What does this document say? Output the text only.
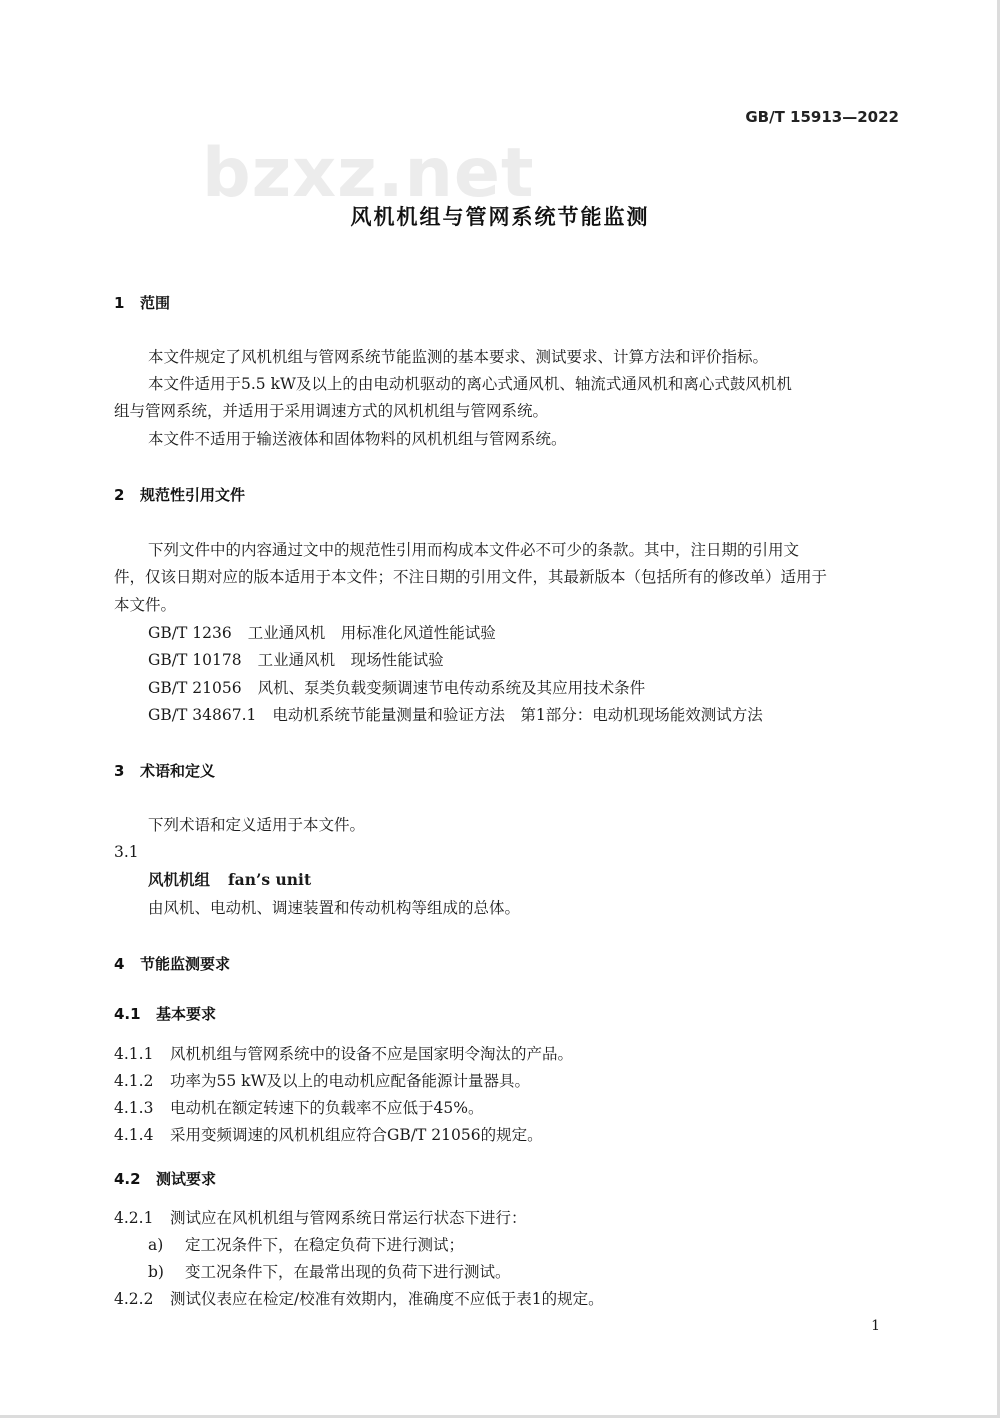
bzxz.net
GB/T 15913—2022
风机机组与管网系统节能监测
1 范围
本文件规定了风机机组与管网系统节能监测的基本要求、测试要求、计算方法和评价指标。
本文件适用于5.5 kW及以上的由电动机驱动的离心式通风机、轴流式通风机和离心式鼓风机机
组与管网系统，并适用于采用调速方式的风机机组与管网系统。
本文件不适用于输送液体和固体物料的风机机组与管网系统。
2 规范性引用文件
下列文件中的内容通过文中的规范性引用而构成本文件必不可少的条款。其中，注日期的引用文
件，仅该日期对应的版本适用于本文件；不注日期的引用文件，其最新版本（包括所有的修改单）适用于
本文件。
GB/T 1236 工业通风机　用标准化风道性能试验
GB/T 10178 工业通风机　现场性能试验
GB/T 21056 风机、泵类负载变频调速节电传动系统及其应用技术条件
GB/T 34867.1 电动机系统节能量测量和验证方法　第1部分：电动机现场能效测试方法
3 术语和定义
下列术语和定义适用于本文件。
3.1
风机机组 fan’s unit
由风机、电动机、调速装置和传动机构等组成的总体。
4 节能监测要求
4.1 基本要求
4.1.1 风机机组与管网系统中的设备不应是国家明令淘汰的产品。
4.1.2 功率为55 kW及以上的电动机应配备能源计量器具。
4.1.3 电动机在额定转速下的负载率不应低于45%。
4.1.4 采用变频调速的风机机组应符合GB/T 21056的规定。
4.2 测试要求
4.2.1 测试应在风机机组与管网系统日常运行状态下进行：
a) 定工况条件下，在稳定负荷下进行测试；
b) 变工况条件下，在最常出现的负荷下进行测试。
4.2.2 测试仪表应在检定/校准有效期内，准确度不应低于表1的规定。
1
